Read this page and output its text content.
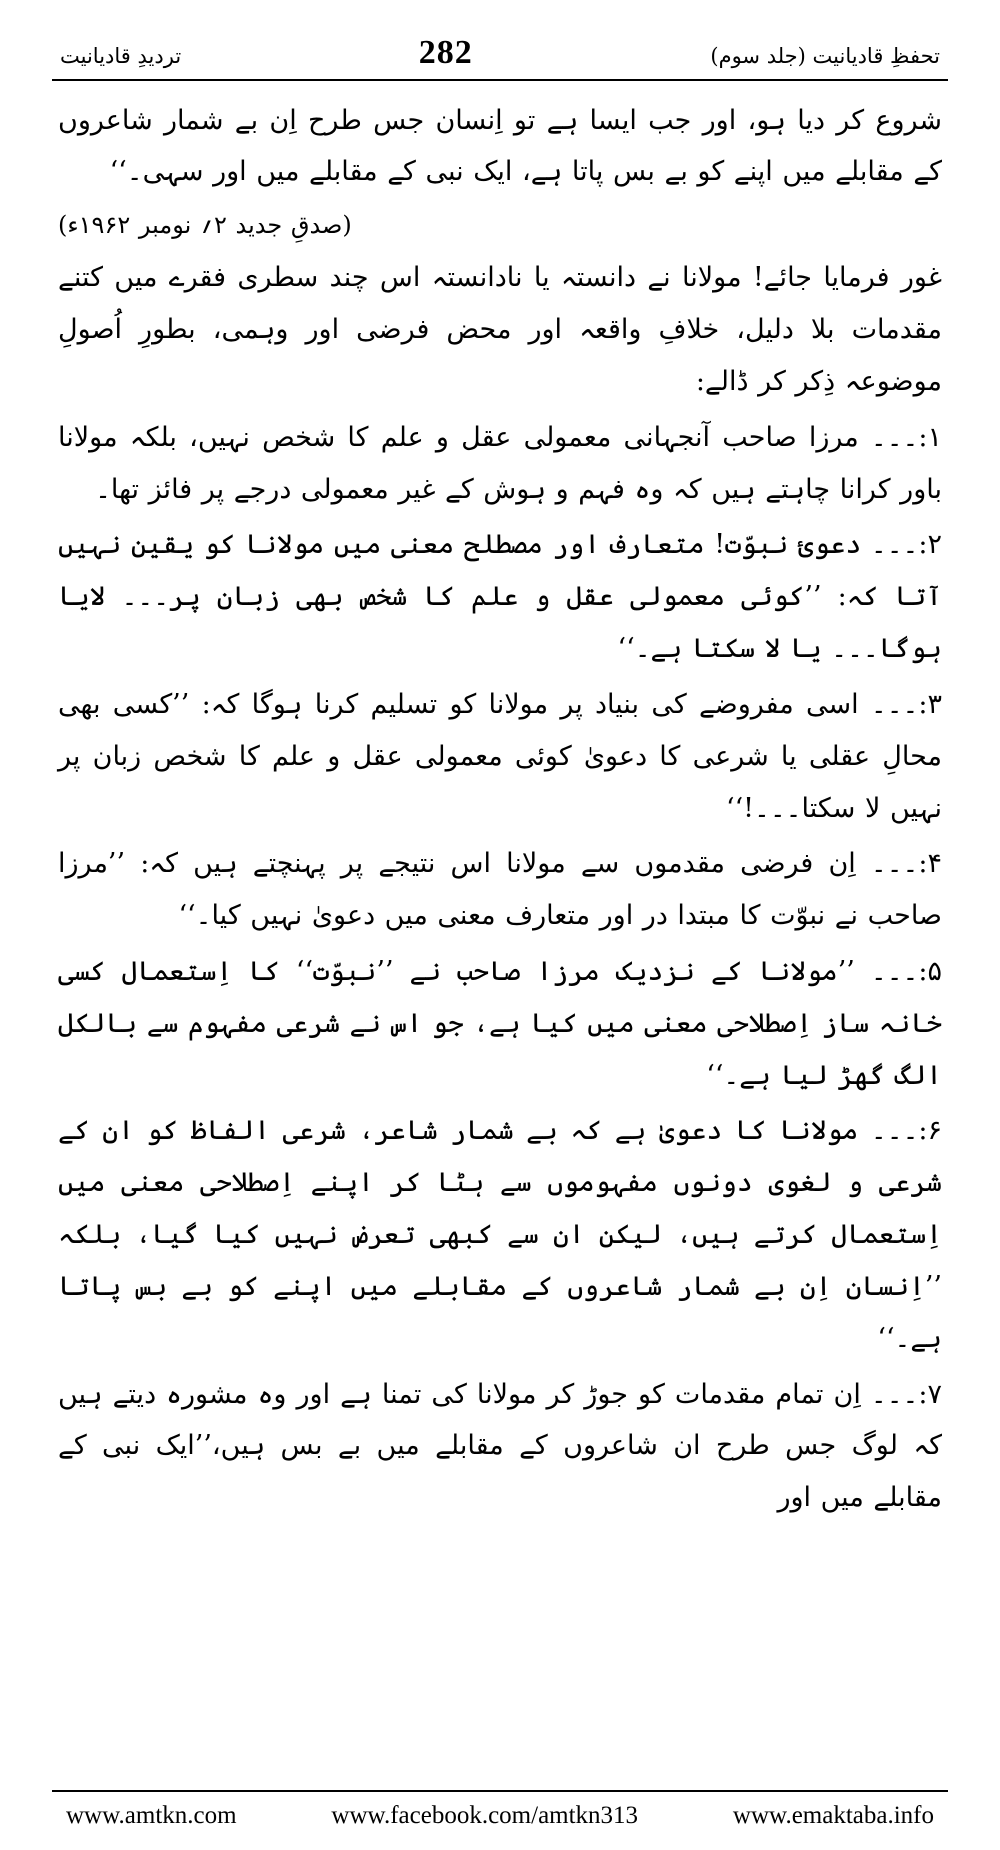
تحفظِ قادیانیت (جلد سوم)
282
تردیدِ قادیانیت

شروع کر دیا ہو، اور جب ایسا ہے تو اِنسان جس طرح اِن بے شمار شاعروں کے مقابلے میں اپنے کو بے بس پاتا ہے، ایک نبی کے مقابلے میں اور سہی۔‘‘

(صدقِ جدید ۲؍ نومبر ۱۹۶۲ء)

غور فرمایا جائے! مولانا نے دانستہ یا نادانستہ اس چند سطری فقرے میں کتنے مقدمات بلا دلیل، خلافِ واقعہ اور محض فرضی اور وہمی، بطورِ اُصولِ موضوعہ ذِکر کر ڈالے:

۱:۔۔۔ مرزا صاحب آنجہانی معمولی عقل و علم کا شخص نہیں، بلکہ مولانا باور کرانا چاہتے ہیں کہ وہ فہم و ہوش کے غیر معمولی درجے پر فائز تھا۔

۲:۔۔۔ دعویٔ نبوّت! متعارف اور مصطلح معنی میں مولانا کو یقین نہیں آتا کہ: ’’کوئی معمولی عقل و علم کا شخص بھی زبان پر۔۔۔ لایا ہوگا۔۔۔ یا لا سکتا ہے۔‘‘

۳:۔۔۔ اسی مفروضے کی بنیاد پر مولانا کو تسلیم کرنا ہوگا کہ: ’’کسی بھی محالِ عقلی یا شرعی کا دعویٰ کوئی معمولی عقل و علم کا شخص زبان پر نہیں لا سکتا۔۔۔!‘‘

۴:۔۔۔ اِن فرضی مقدموں سے مولانا اس نتیجے پر پہنچتے ہیں کہ: ’’مرزا صاحب نے نبوّت کا مبتدا در اور متعارف معنی میں دعویٰ نہیں کیا۔‘‘

۵:۔۔۔ ’’مولانا کے نزدیک مرزا صاحب نے ’’نبوّت‘‘ کا اِستعمال کسی خانہ ساز اِصطلاحی معنی میں کیا ہے، جو اس نے شرعی مفہوم سے بالکل الگ گھڑ لیا ہے۔‘‘

۶:۔۔۔ مولانا کا دعویٰ ہے کہ بے شمار شاعر، شرعی الفاظ کو ان کے شرعی و لغوی دونوں مفہوموں سے ہٹا کر اپنے اِصطلاحی معنی میں اِستعمال کرتے ہیں، لیکن ان سے کبھی تعرض نہیں کیا گیا، بلکہ ’’اِنسان اِن بے شمار شاعروں کے مقابلے میں اپنے کو بے بس پاتا ہے۔‘‘

۷:۔۔۔ اِن تمام مقدمات کو جوڑ کر مولانا کی تمنا ہے اور وہ مشورہ دیتے ہیں کہ لوگ جس طرح ان شاعروں کے مقابلے میں بے بس ہیں،’’ایک نبی کے مقابلے میں اور

www.amtkn.com	www.facebook.com/amtkn313	www.emaktaba.info
